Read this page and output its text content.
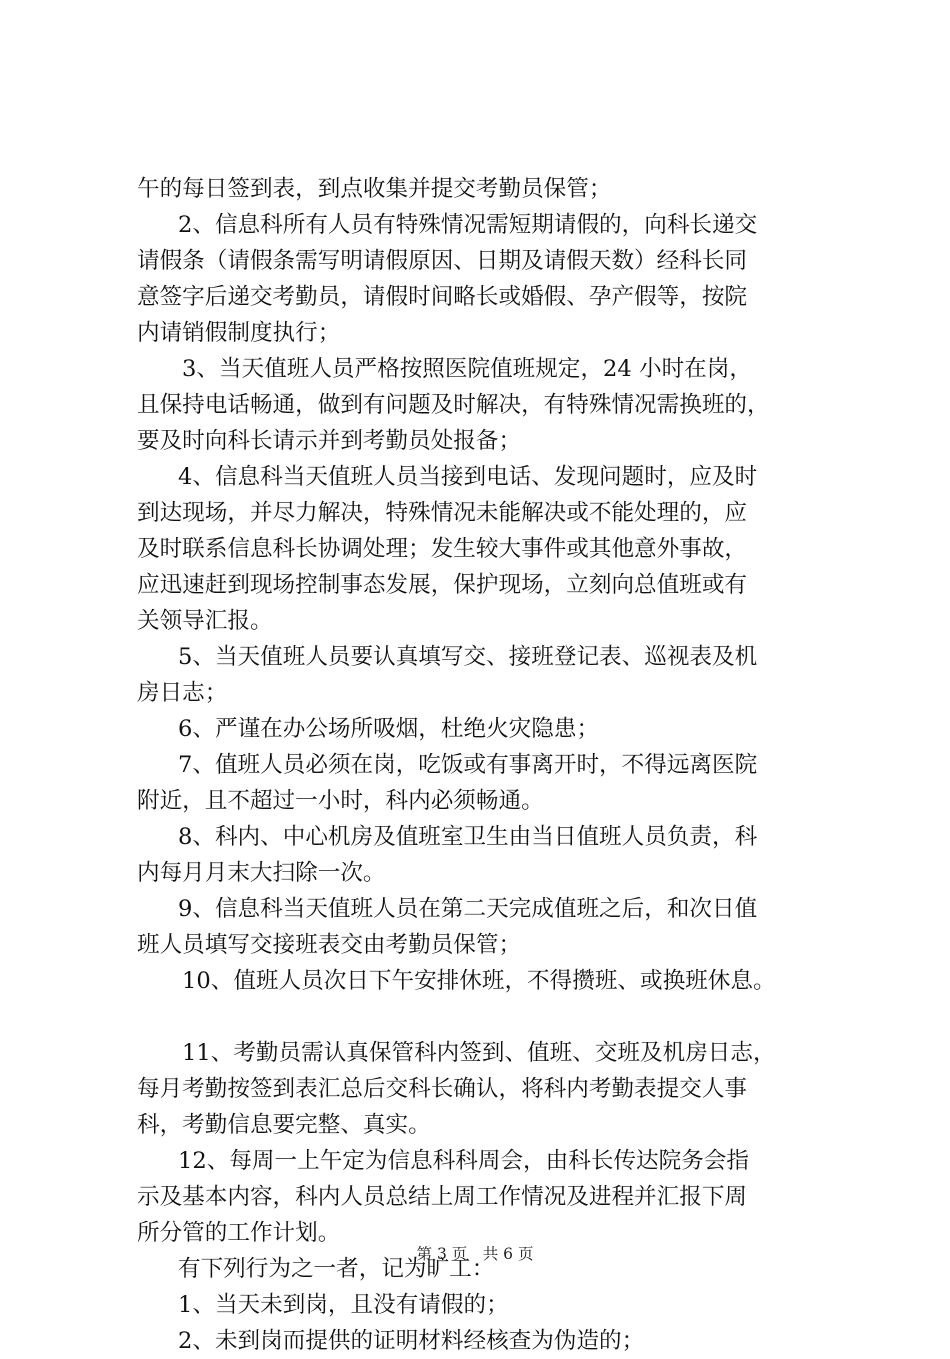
午的每日签到表，到点收集并提交考勤员保管；
2、信息科所有人员有特殊情况需短期请假的，向科长递交
请假条（请假条需写明请假原因、日期及请假天数）经科长同
意签字后递交考勤员，请假时间略长或婚假、孕产假等，按院
内请销假制度执行；
3、当天值班人员严格按照医院值班规定，24 小时在岗，
且保持电话畅通，做到有问题及时解决，有特殊情况需换班的，
要及时向科长请示并到考勤员处报备；
4、信息科当天值班人员当接到电话、发现问题时，应及时
到达现场，并尽力解决，特殊情况未能解决或不能处理的，应
及时联系信息科长协调处理；发生较大事件或其他意外事故，
应迅速赶到现场控制事态发展，保护现场，立刻向总值班或有
关领导汇报。
5、当天值班人员要认真填写交、接班登记表、巡视表及机
房日志；
6、严谨在办公场所吸烟，杜绝火灾隐患；
7、值班人员必须在岗，吃饭或有事离开时，不得远离医院
附近，且不超过一小时，科内必须畅通。
8、科内、中心机房及值班室卫生由当日值班人员负责，科
内每月月末大扫除一次。
9、信息科当天值班人员在第二天完成值班之后，和次日值
班人员填写交接班表交由考勤员保管；
10、值班人员次日下午安排休班，不得攒班、或换班休息。
11、考勤员需认真保管科内签到、值班、交班及机房日志，
每月考勤按签到表汇总后交科长确认，将科内考勤表提交人事
科，考勤信息要完整、真实。
12、每周一上午定为信息科科周会，由科长传达院务会指
示及基本内容，科内人员总结上周工作情况及进程并汇报下周
所分管的工作计划。
有下列行为之一者，记为旷工：
1、当天未到岗，且没有请假的；
2、未到岗而提供的证明材料经核查为伪造的；
第 3 页　共 6 页
